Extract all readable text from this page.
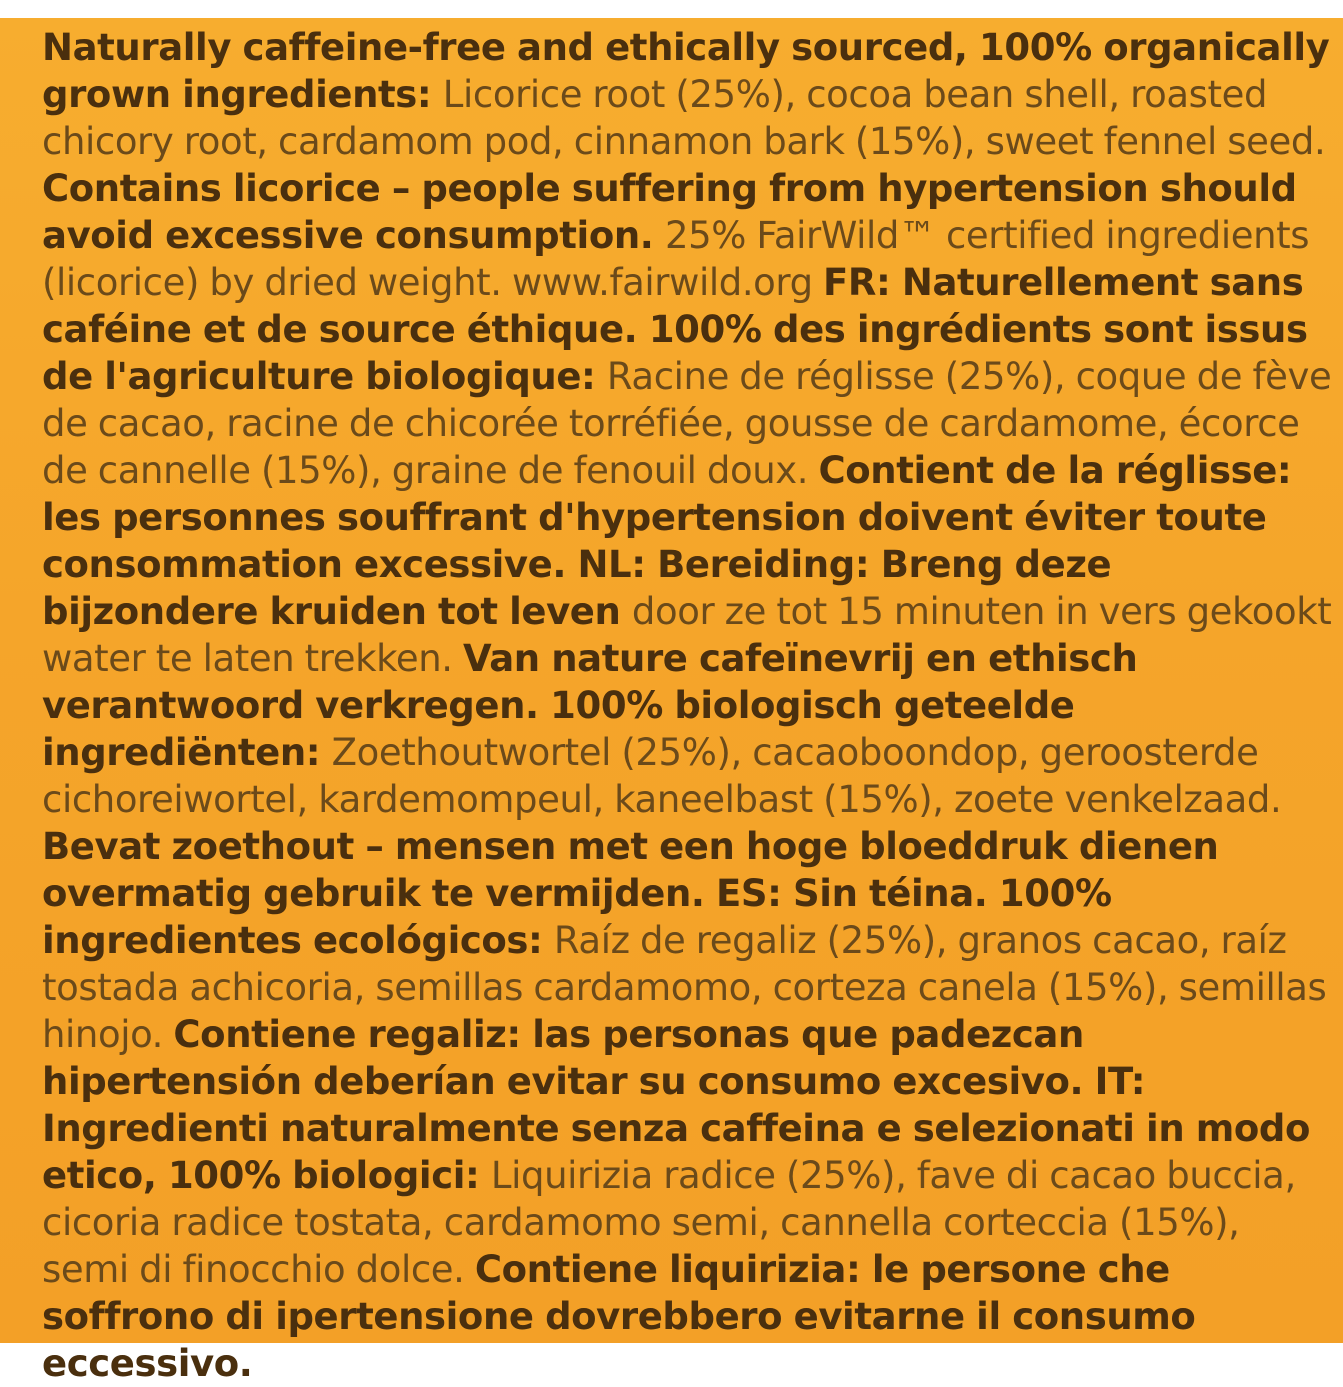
Naturally caffeine-free and ethically sourced, 100% organically grown ingredients: Licorice root (25%), cocoa bean shell, roasted chicory root, cardamom pod, cinnamon bark (15%), sweet fennel seed. Contains licorice – people suffering from hypertension should avoid excessive consumption. 25% FairWild™ certified ingredients (licorice) by dried weight. www.fairwild.org FR: Naturellement sans caféine et de source éthique. 100% des ingrédients sont issus de l'agriculture biologique: Racine de réglisse (25%), coque de fève de cacao, racine de chicorée torréfiée, gousse de cardamome, écorce de cannelle (15%), graine de fenouil doux. Contient de la réglisse: les personnes souffrant d'hypertension doivent éviter toute consommation excessive. NL: Bereiding: Breng deze bijzondere kruiden tot leven door ze tot 15 minuten in vers gekookt water te laten trekken. Van nature cafeïnevrij en ethisch verantwoord verkregen. 100% biologisch geteelde ingrediënten: Zoethoutwortel (25%), cacaoboondop, geroosterde cichoreiwortel, kardemompeul, kaneelbast (15%), zoete venkelzaad. Bevat zoethout – mensen met een hoge bloeddruk dienen overmatig gebruik te vermijden. ES: Sin téina. 100% ingredientes ecológicos: Raíz de regaliz (25%), granos cacao, raíz tostada achicoria, semillas cardamomo, corteza canela (15%), semillas hinojo. Contiene regaliz: las personas que padezcan hipertensión deberían evitar su consumo excesivo. IT: Ingredienti naturalmente senza caffeina e selezionati in modo etico, 100% biologici: Liquirizia radice (25%), fave di cacao buccia, cicoria radice tostata, cardamomo semi, cannella corteccia (15%), semi di finocchio dolce. Contiene liquirizia: le persone che soffrono di ipertensione dovrebbero evitarne il consumo eccessivo.
